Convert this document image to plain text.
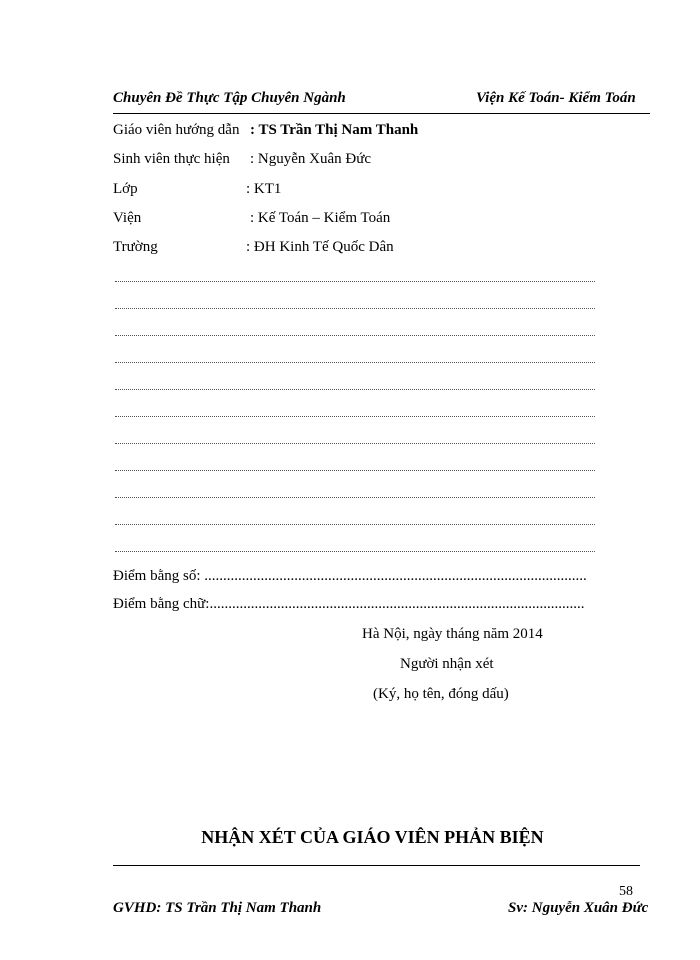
Chuyên Đề Thực Tập Chuyên Ngành	Viện Kế Toán- Kiểm Toán
Giáo viên hướng dẫn : TS Trần Thị Nam Thanh
Sinh viên thực hiện : Nguyễn Xuân Đức
Lớp	: KT1
Viện	: Kế Toán – Kiểm Toán
Trường	: ĐH Kinh Tế Quốc Dân
Điểm bằng số: ......................................................................................................
Điểm bằng chữ:....................................................................................................
Hà Nội, ngày tháng năm 2014
Người nhận xét
(Ký, họ tên, đóng dấu)
NHẬN XÉT CỦA GIÁO VIÊN PHẢN BIỆN
58
GVHD: TS Trần Thị Nam Thanh	Sv: Nguyễn Xuân Đức
